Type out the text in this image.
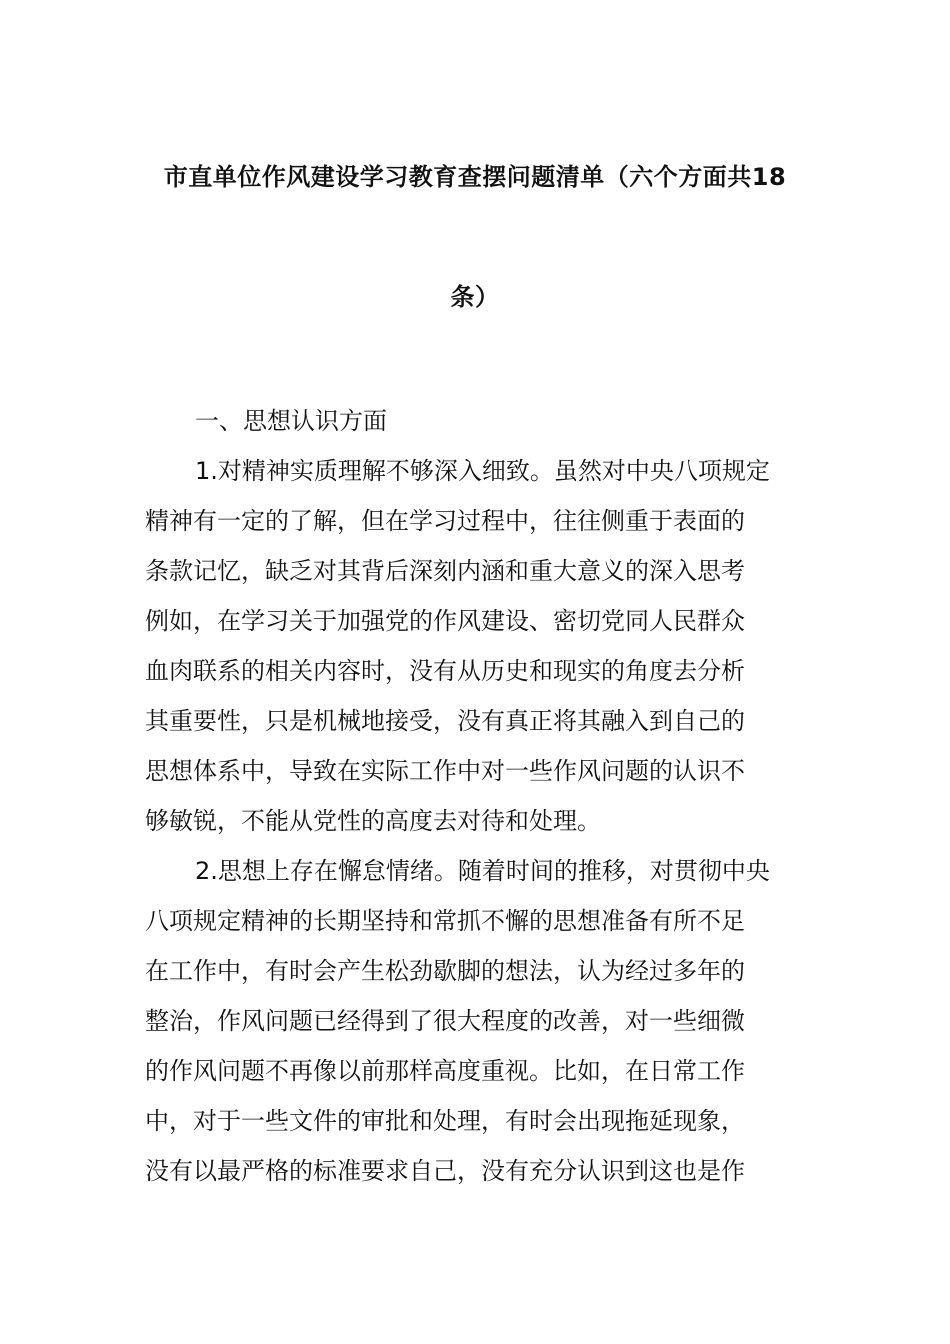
市直单位作风建设学习教育查摆问题清单（六个方面共18
条）
一、思想认识方面
1.对精神实质理解不够深入细致。虽然对中央八项规定
精神有一定的了解，但在学习过程中，往往侧重于表面的
条款记忆，缺乏对其背后深刻内涵和重大意义的深入思考
例如，在学习关于加强党的作风建设、密切党同人民群众
血肉联系的相关内容时，没有从历史和现实的角度去分析
其重要性，只是机械地接受，没有真正将其融入到自己的
思想体系中，导致在实际工作中对一些作风问题的认识不
够敏锐，不能从党性的高度去对待和处理。
2.思想上存在懈怠情绪。随着时间的推移，对贯彻中央
八项规定精神的长期坚持和常抓不懈的思想准备有所不足
在工作中，有时会产生松劲歇脚的想法，认为经过多年的
整治，作风问题已经得到了很大程度的改善，对一些细微
的作风问题不再像以前那样高度重视。比如，在日常工作
中，对于一些文件的审批和处理，有时会出现拖延现象，
没有以最严格的标准要求自己，没有充分认识到这也是作
